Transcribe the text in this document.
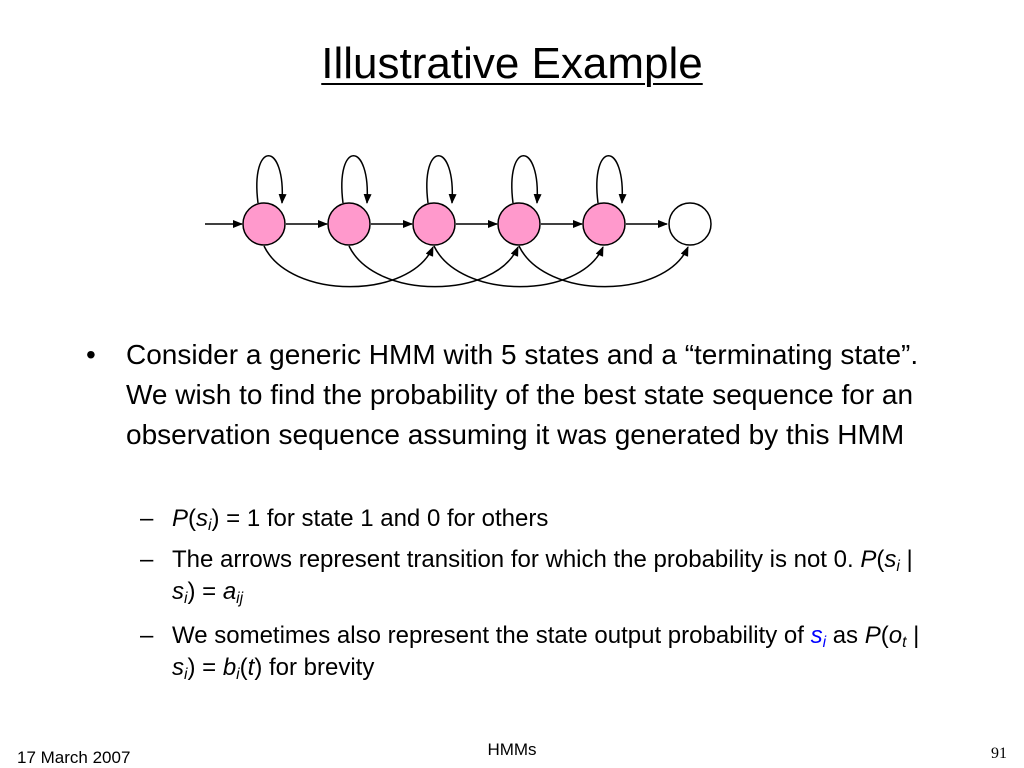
Illustrative Example
• Consider a generic HMM with 5 states and a “terminating state”. We wish to find the probability of the best state sequence for an observation sequence assuming it was generated by this HMM
– $P(s_i) = 1$ for state 1 and 0 for others
– The arrows represent transition for which the probability is not 0. $P(s_i$ | $s_i) = a_{ij}$
– We sometimes also represent the state output probability of $s_i$ as $P(o_t$ | $s_i) = b_i(t)$ for brevity
17 March 2007	HMMs	91
